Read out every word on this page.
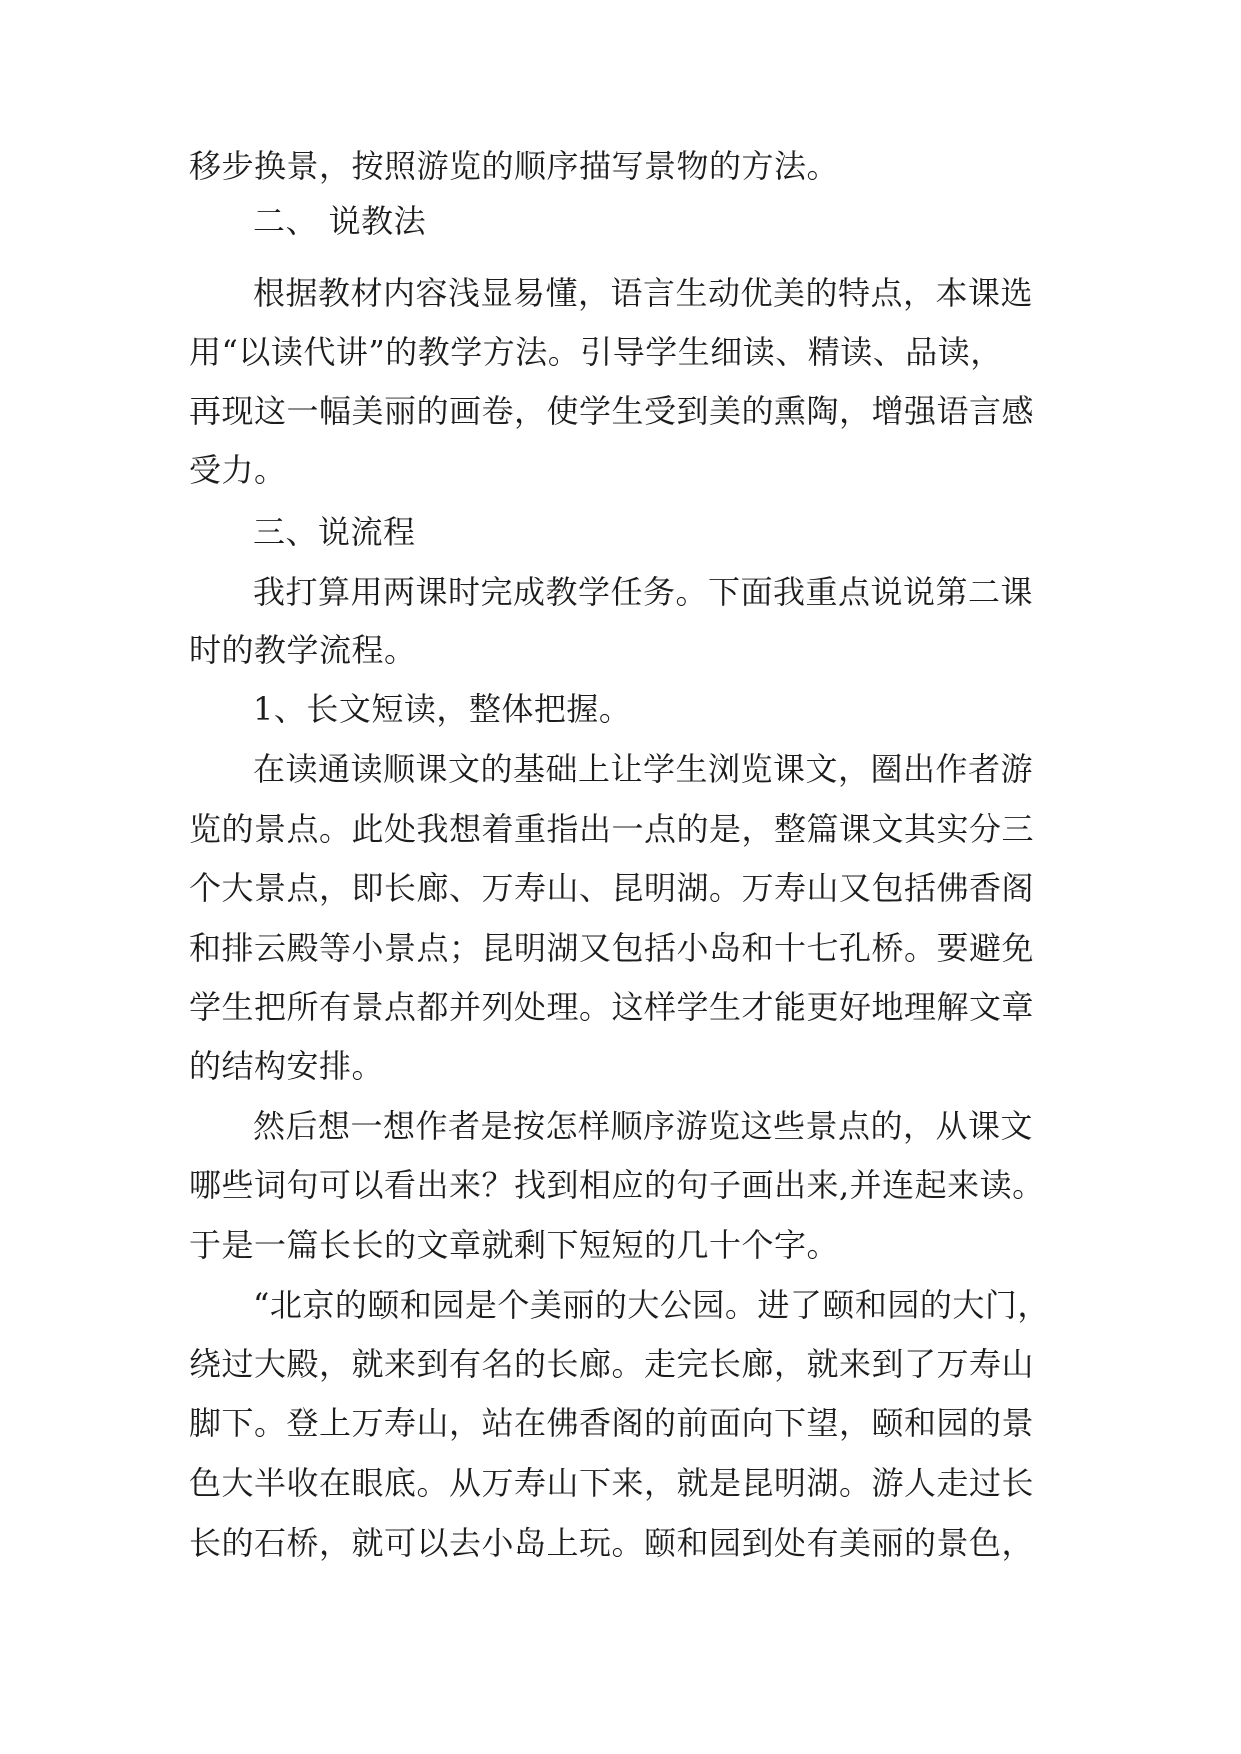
移步换景，按照游览的顺序描写景物的方法。
二、 说教法
根据教材内容浅显易懂，语言生动优美的特点，本课选
用“以读代讲”的教学方法。引导学生细读、精读、品读，
再现这一幅美丽的画卷，使学生受到美的熏陶，增强语言感
受力。
三、说流程
我打算用两课时完成教学任务。下面我重点说说第二课
时的教学流程。
1、长文短读，整体把握。
在读通读顺课文的基础上让学生浏览课文，圈出作者游
览的景点。此处我想着重指出一点的是，整篇课文其实分三
个大景点，即长廊、万寿山、昆明湖。万寿山又包括佛香阁
和排云殿等小景点；昆明湖又包括小岛和十七孔桥。要避免
学生把所有景点都并列处理。这样学生才能更好地理解文章
的结构安排。
然后想一想作者是按怎样顺序游览这些景点的，从课文
哪些词句可以看出来？找到相应的句子画出来,并连起来读。
于是一篇长长的文章就剩下短短的几十个字。
“北京的颐和园是个美丽的大公园。进了颐和园的大门，
绕过大殿，就来到有名的长廊。走完长廊，就来到了万寿山
脚下。登上万寿山，站在佛香阁的前面向下望，颐和园的景
色大半收在眼底。从万寿山下来，就是昆明湖。游人走过长
长的石桥，就可以去小岛上玩。颐和园到处有美丽的景色，
